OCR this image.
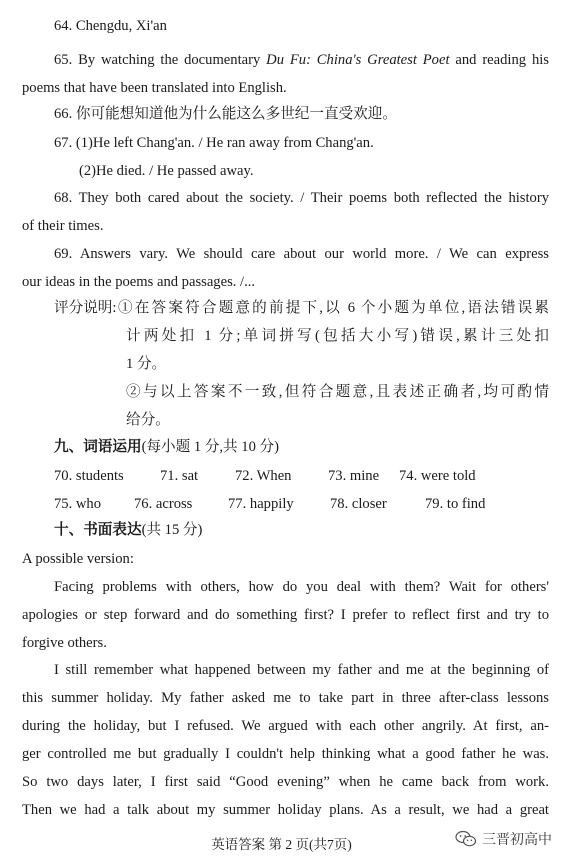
64. Chengdu, Xi'an
65. By watching the documentary Du Fu: China's Greatest Poet and reading his
poems that have been translated into English.
66. 你可能想知道他为什么能这么多世纪一直受欢迎。
67. (1)He left Chang'an. / He ran away from Chang'an.
(2)He died. / He passed away.
68. They both cared about the society. / Their poems both reflected the history
of their times.
69. Answers vary. We should care about our world more. / We can express
our ideas in the poems and passages. /...
评分说明: ①在答案符合题意的前提下,以 6 个小题为单位,语法错误累
计两处扣 1 分;单词拼写(包括大小写)错误,累计三处扣
1 分。
②与以上答案不一致,但符合题意,且表述正确者,均可酌情
给分。
九、词语运用(每小题 1 分,共 10 分)
70. students	71. sat	72. When	73. mine	74. were told
75. who	76. across	77. happily	78. closer	79. to find
十、书面表达(共 15 分)
A possible version:
Facing problems with others, how do you deal with them? Wait for others'
apologies or step forward and do something first? I prefer to reflect first and try to
forgive others.
I still remember what happened between my father and me at the beginning of
this summer holiday. My father asked me to take part in three after-class lessons
during the holiday, but I refused. We argued with each other angrily. At first, an-
ger controlled me but gradually I couldn't help thinking what a good father he was.
So two days later, I first said “Good evening” when he came back from work.
Then we had a talk about my summer holiday plans. As a result, we had a great
英语答案 第 2 页(共7页)	三晋初高中
